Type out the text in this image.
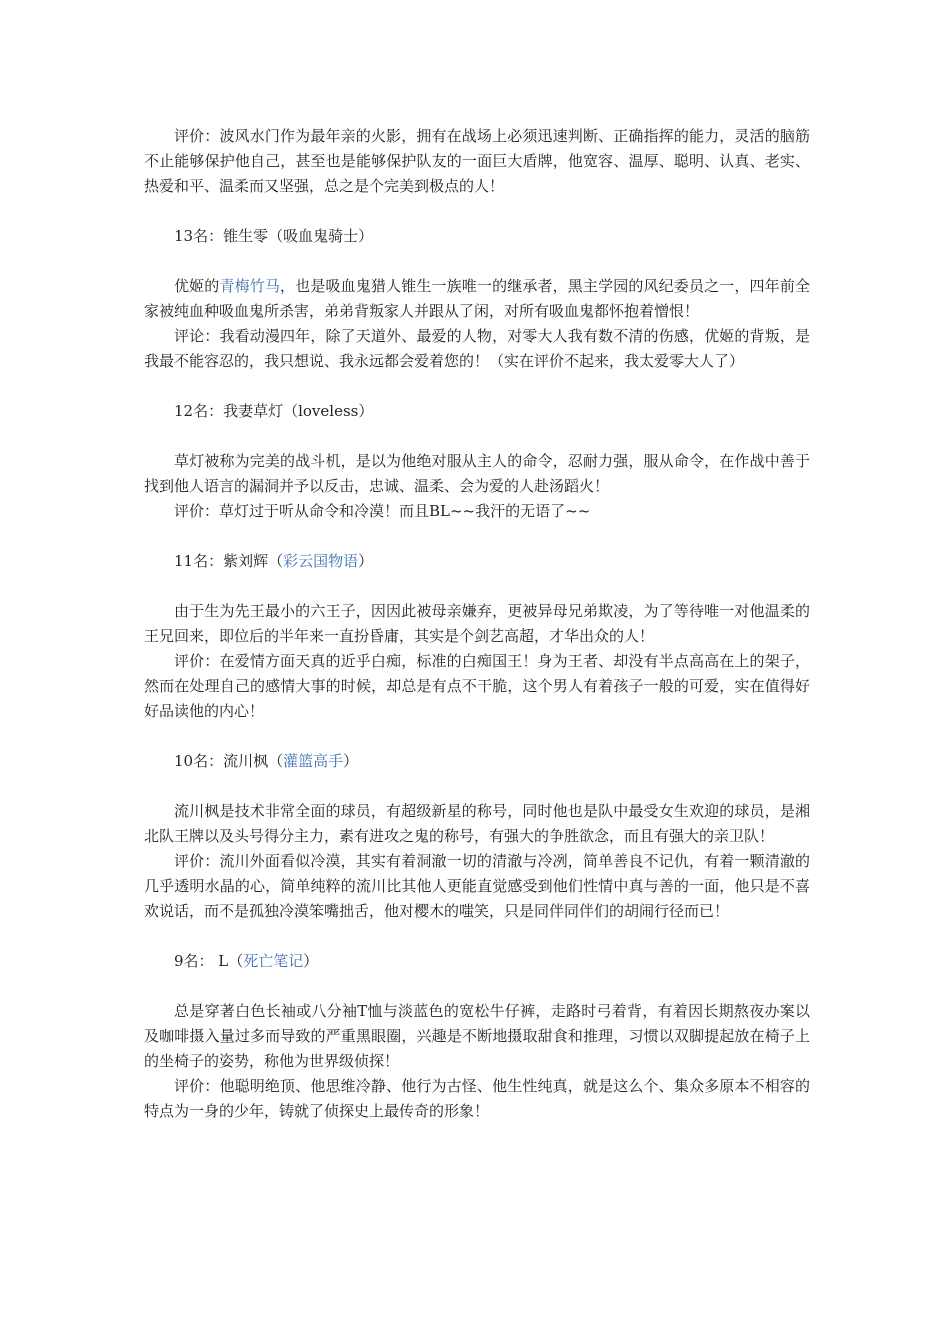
评价：波风水门作为最年亲的火影，拥有在战场上必须迅速判断、正确指挥的能力，灵活的脑筋不止能够保护他自己，甚至也是能够保护队友的一面巨大盾牌，他宽容、温厚、聪明、认真、老实、热爱和平、温柔而又坚强，总之是个完美到极点的人！

13名：锥生零（吸血鬼骑士）

优姬的青梅竹马，也是吸血鬼猎人锥生一族唯一的继承者，黑主学园的风纪委员之一，四年前全家被纯血种吸血鬼所杀害，弟弟背叛家人并跟从了闲，对所有吸血鬼都怀抱着憎恨！

评论：我看动漫四年，除了天道外、最爱的人物，对零大人我有数不清的伤感，优姬的背叛，是我最不能容忍的，我只想说、我永远都会爱着您的！（实在评价不起来，我太爱零大人了）

12名：我妻草灯（loveless）

草灯被称为完美的战斗机，是以为他绝对服从主人的命令，忍耐力强，服从命令，在作战中善于找到他人语言的漏洞并予以反击，忠诚、温柔、会为爱的人赴汤蹈火！

评价：草灯过于听从命令和冷漠！而且BL~~我汗的无语了~~

11名：紫刘辉（彩云国物语）

由于生为先王最小的六王子，因因此被母亲嫌弃，更被异母兄弟欺凌，为了等待唯一对他温柔的王兄回来，即位后的半年来一直扮昏庸，其实是个剑艺高超，才华出众的人！

评价：在爱情方面天真的近乎白痴，标准的白痴国王！身为王者、却没有半点高高在上的架子，然而在处理自己的感情大事的时候，却总是有点不干脆，这个男人有着孩子一般的可爱，实在值得好好品读他的内心！

10名：流川枫（灌篮高手）

流川枫是技术非常全面的球员，有超级新星的称号，同时他也是队中最受女生欢迎的球员，是湘北队王牌以及头号得分主力，素有进攻之鬼的称号，有强大的争胜欲念，而且有强大的亲卫队！

评价：流川外面看似冷漠，其实有着洞澈一切的清澈与冷冽，简单善良不记仇，有着一颗清澈的几乎透明水晶的心，简单纯粹的流川比其他人更能直觉感受到他们性情中真与善的一面，他只是不喜欢说话，而不是孤独冷漠笨嘴拙舌，他对樱木的嗤笑，只是同伴同伴们的胡闹行径而已！

9名： L（死亡笔记）

总是穿著白色长袖或八分袖T恤与淡蓝色的宽松牛仔裤，走路时弓着背，有着因长期熬夜办案以及咖啡摄入量过多而导致的严重黑眼圈，兴趣是不断地摄取甜食和推理，习惯以双脚提起放在椅子上的坐椅子的姿势，称他为世界级侦探！

评价：他聪明绝顶、他思维冷静、他行为古怪、他生性纯真，就是这么个、集众多原本不相容的特点为一身的少年，铸就了侦探史上最传奇的形象！
